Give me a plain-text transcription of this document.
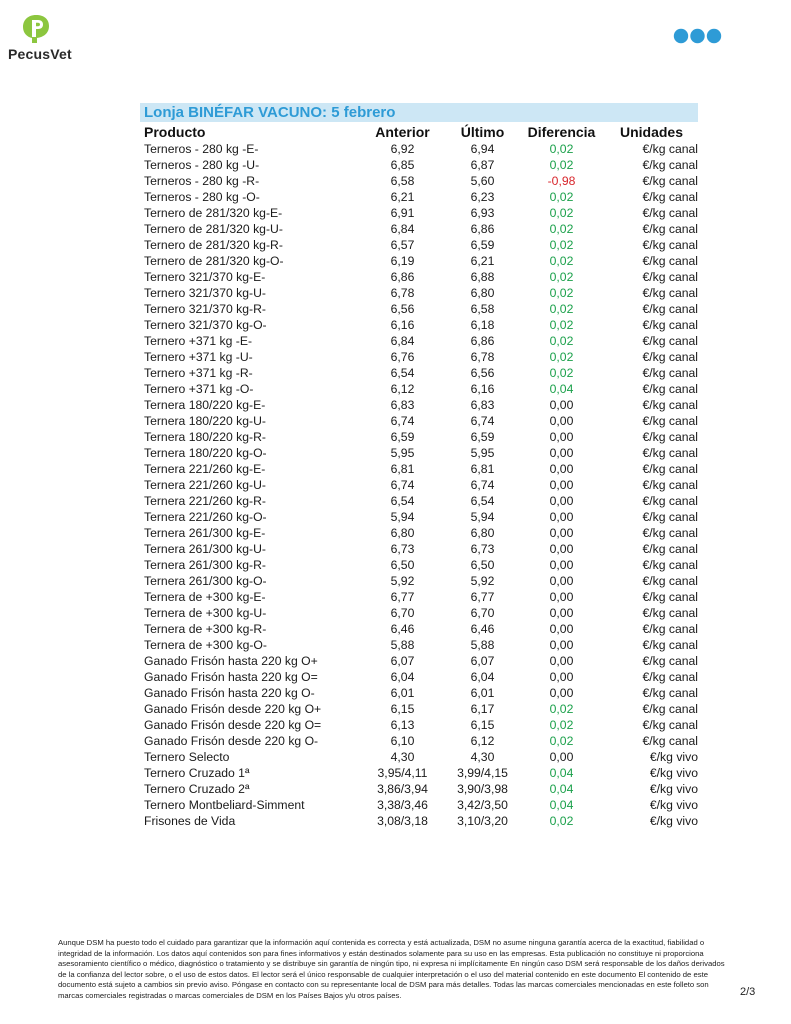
PecusVet
Lonja BINÉFAR VACUNO: 5 febrero
Producto	Anterior	Último	Diferencia	Unidades
Terneros - 280 kg -E-	6,92	6,94	0,02	€/kg canal
Terneros - 280 kg -U-	6,85	6,87	0,02	€/kg canal
Terneros - 280 kg -R-	6,58	5,60	-0,98	€/kg canal
Terneros - 280 kg -O-	6,21	6,23	0,02	€/kg canal
Ternero de 281/320 kg-E-	6,91	6,93	0,02	€/kg canal
Ternero de 281/320 kg-U-	6,84	6,86	0,02	€/kg canal
Ternero de 281/320 kg-R-	6,57	6,59	0,02	€/kg canal
Ternero de 281/320 kg-O-	6,19	6,21	0,02	€/kg canal
Ternero 321/370 kg-E-	6,86	6,88	0,02	€/kg canal
Ternero 321/370 kg-U-	6,78	6,80	0,02	€/kg canal
Ternero 321/370 kg-R-	6,56	6,58	0,02	€/kg canal
Ternero 321/370 kg-O-	6,16	6,18	0,02	€/kg canal
Ternero +371 kg -E-	6,84	6,86	0,02	€/kg canal
Ternero +371 kg -U-	6,76	6,78	0,02	€/kg canal
Ternero +371 kg -R-	6,54	6,56	0,02	€/kg canal
Ternero +371 kg -O-	6,12	6,16	0,04	€/kg canal
Ternera 180/220 kg-E-	6,83	6,83	0,00	€/kg canal
Ternera 180/220 kg-U-	6,74	6,74	0,00	€/kg canal
Ternera 180/220 kg-R-	6,59	6,59	0,00	€/kg canal
Ternera 180/220 kg-O-	5,95	5,95	0,00	€/kg canal
Ternera 221/260 kg-E-	6,81	6,81	0,00	€/kg canal
Ternera 221/260 kg-U-	6,74	6,74	0,00	€/kg canal
Ternera 221/260 kg-R-	6,54	6,54	0,00	€/kg canal
Ternera 221/260 kg-O-	5,94	5,94	0,00	€/kg canal
Ternera 261/300 kg-E-	6,80	6,80	0,00	€/kg canal
Ternera 261/300 kg-U-	6,73	6,73	0,00	€/kg canal
Ternera 261/300 kg-R-	6,50	6,50	0,00	€/kg canal
Ternera 261/300 kg-O-	5,92	5,92	0,00	€/kg canal
Ternera de +300 kg-E-	6,77	6,77	0,00	€/kg canal
Ternera de +300 kg-U-	6,70	6,70	0,00	€/kg canal
Ternera de +300 kg-R-	6,46	6,46	0,00	€/kg canal
Ternera de +300 kg-O-	5,88	5,88	0,00	€/kg canal
Ganado Frisón hasta 220 kg O+	6,07	6,07	0,00	€/kg canal
Ganado Frisón hasta 220 kg O=	6,04	6,04	0,00	€/kg canal
Ganado Frisón hasta 220 kg O-	6,01	6,01	0,00	€/kg canal
Ganado Frisón desde 220 kg O+	6,15	6,17	0,02	€/kg canal
Ganado Frisón desde 220 kg O=	6,13	6,15	0,02	€/kg canal
Ganado Frisón desde 220 kg O-	6,10	6,12	0,02	€/kg canal
Ternero Selecto	4,30	4,30	0,00	€/kg vivo
Ternero Cruzado 1ª	3,95/4,11	3,99/4,15	0,04	€/kg vivo
Ternero Cruzado 2ª	3,86/3,94	3,90/3,98	0,04	€/kg vivo
Ternero Montbeliard-Simment	3,38/3,46	3,42/3,50	0,04	€/kg vivo
Frisones de Vida	3,08/3,18	3,10/3,20	0,02	€/kg vivo
Aunque DSM ha puesto todo el cuidado para garantizar que la información aquí contenida es correcta y está actualizada, DSM no asume ninguna garantía acerca de la exactitud, fiabilidad o integridad de la información. Los datos aquí contenidos son para fines informativos y están destinados solamente para su uso en las empresas. Esta publicación no constituye ni proporciona asesoramiento científico o médico, diagnóstico o tratamiento y se distribuye sin garantía de ningún tipo, ni expresa ni implícitamente En ningún caso DSM será responsable de los daños derivados de la confianza del lector sobre, o el uso de estos datos. El lector será el único responsable de cualquier interpretación o el uso del material contenido en este documento El contenido de este documento está sujeto a cambios sin previo aviso. Póngase en contacto con su representante local de DSM para más detalles. Todas las marcas comerciales mencionadas en este folleto son marcas comerciales registradas o marcas comerciales de DSM en los Países Bajos y/u otros países.	2/3
